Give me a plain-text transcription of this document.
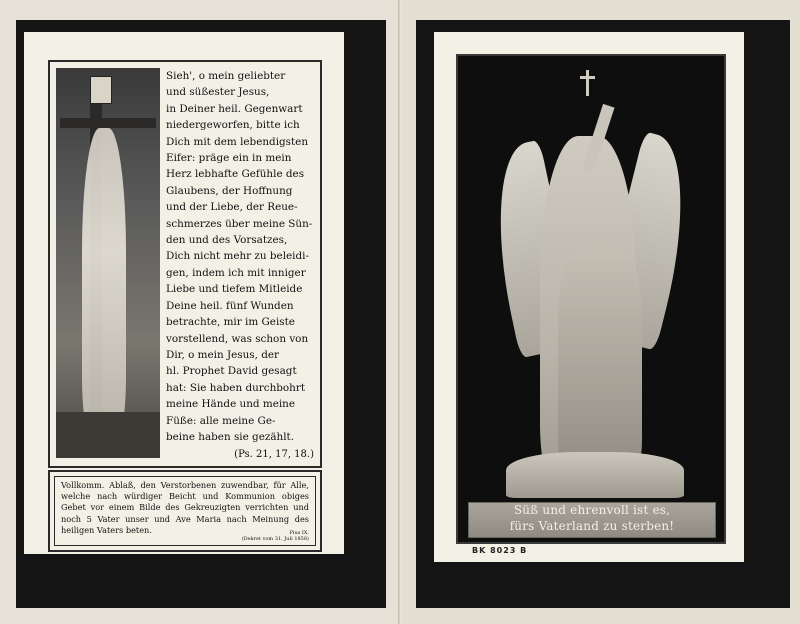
Sieh', o mein geliebter
und süßester Jesus,
in Deiner heil. Gegenwart
niedergeworfen, bitte ich
Dich mit dem lebendigsten
Eifer: präge ein in mein
Herz lebhafte Gefühle des
Glaubens, der Hoffnung
und der Liebe, der Reue-
schmerzes über meine Sün-
den und des Vorsatzes,
Dich nicht mehr zu beleidi-
gen, indem ich mit inniger
Liebe und tiefem Mitleide
Deine heil. fünf Wunden
betrachte, mir im Geiste
vorstellend, was schon von
Dir, o mein Jesus, der
hl. Prophet David gesagt
hat: Sie haben durchbohrt
meine Hände und meine
Füße: alle meine Ge-
beine haben sie gezählt.

(Ps. 21, 17, 18.)

Vollkomm. Ablaß, den Verstorbenen zuwendbar, für Alle, welche nach würdiger Beicht und Kommunion obiges Gebet vor einem Bilde des Gekreuzigten verrichten und noch 5 Vater unser und Ave Maria nach Meinung des heiligen Vaters beten.	Pius IX.
(Dekret vom 31. Juli 1858)
Süß und ehrenvoll ist es,
fürs Vaterland zu sterben!
BK 8023 B
